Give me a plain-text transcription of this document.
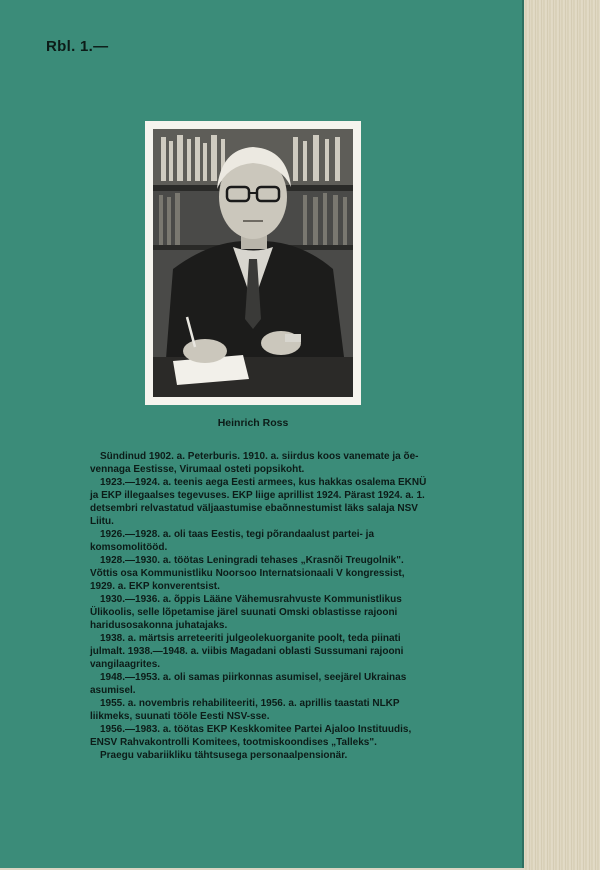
Rbl. 1.—
Heinrich Ross

Sündinud 1902. a. Peterburis. 1910. a. siirdus koos vanemate ja õe-vennaga Eestisse, Virumaal osteti popsikoht.

1923.—1924. a. teenis aega Eesti armees, kus hakkas osalema EKNÜ ja EKP illegaalses tegevuses. EKP liige aprillist 1924. Pärast 1924. a. 1. detsembri relvastatud väljaastumise ebaõnnestumist läks salaja NSV Liitu.

1926.—1928. a. oli taas Eestis, tegi põrandaalust partei- ja komsomolitööd.

1928.—1930. a. töötas Leningradi tehases „Krasnõi Treugolnik". Võttis osa Kommunistliku Noorsoo Internatsionaali V kongressist, 1929. a. EKP konverentsist.

1930.—1936. a. õppis Lääne Vähemusrahvuste Kommunistlikus Ülikoolis, selle lõpetamise järel suunati Omski oblastisse rajooni haridusosakonna juhatajaks.

1938. a. märtsis arreteeriti julgeolekuorganite poolt, teda piinati julmalt. 1938.—1948. a. viibis Magadani oblasti Sussumani rajooni vangilaagrites.

1948.—1953. a. oli samas piirkonnas asumisel, seejärel Ukrainas asumisel.

1955. a. novembris rehabiliteeriti, 1956. a. aprillis taastati NLKP liikmeks, suunati tööle Eesti NSV-sse.

1956.—1983. a. töötas EKP Keskkomitee Partei Ajaloo Instituudis, ENSV Rahvakontrolli Komitees, tootmiskoondises „Talleks".

Praegu vabariikliku tähtsusega personaalpensionär.
